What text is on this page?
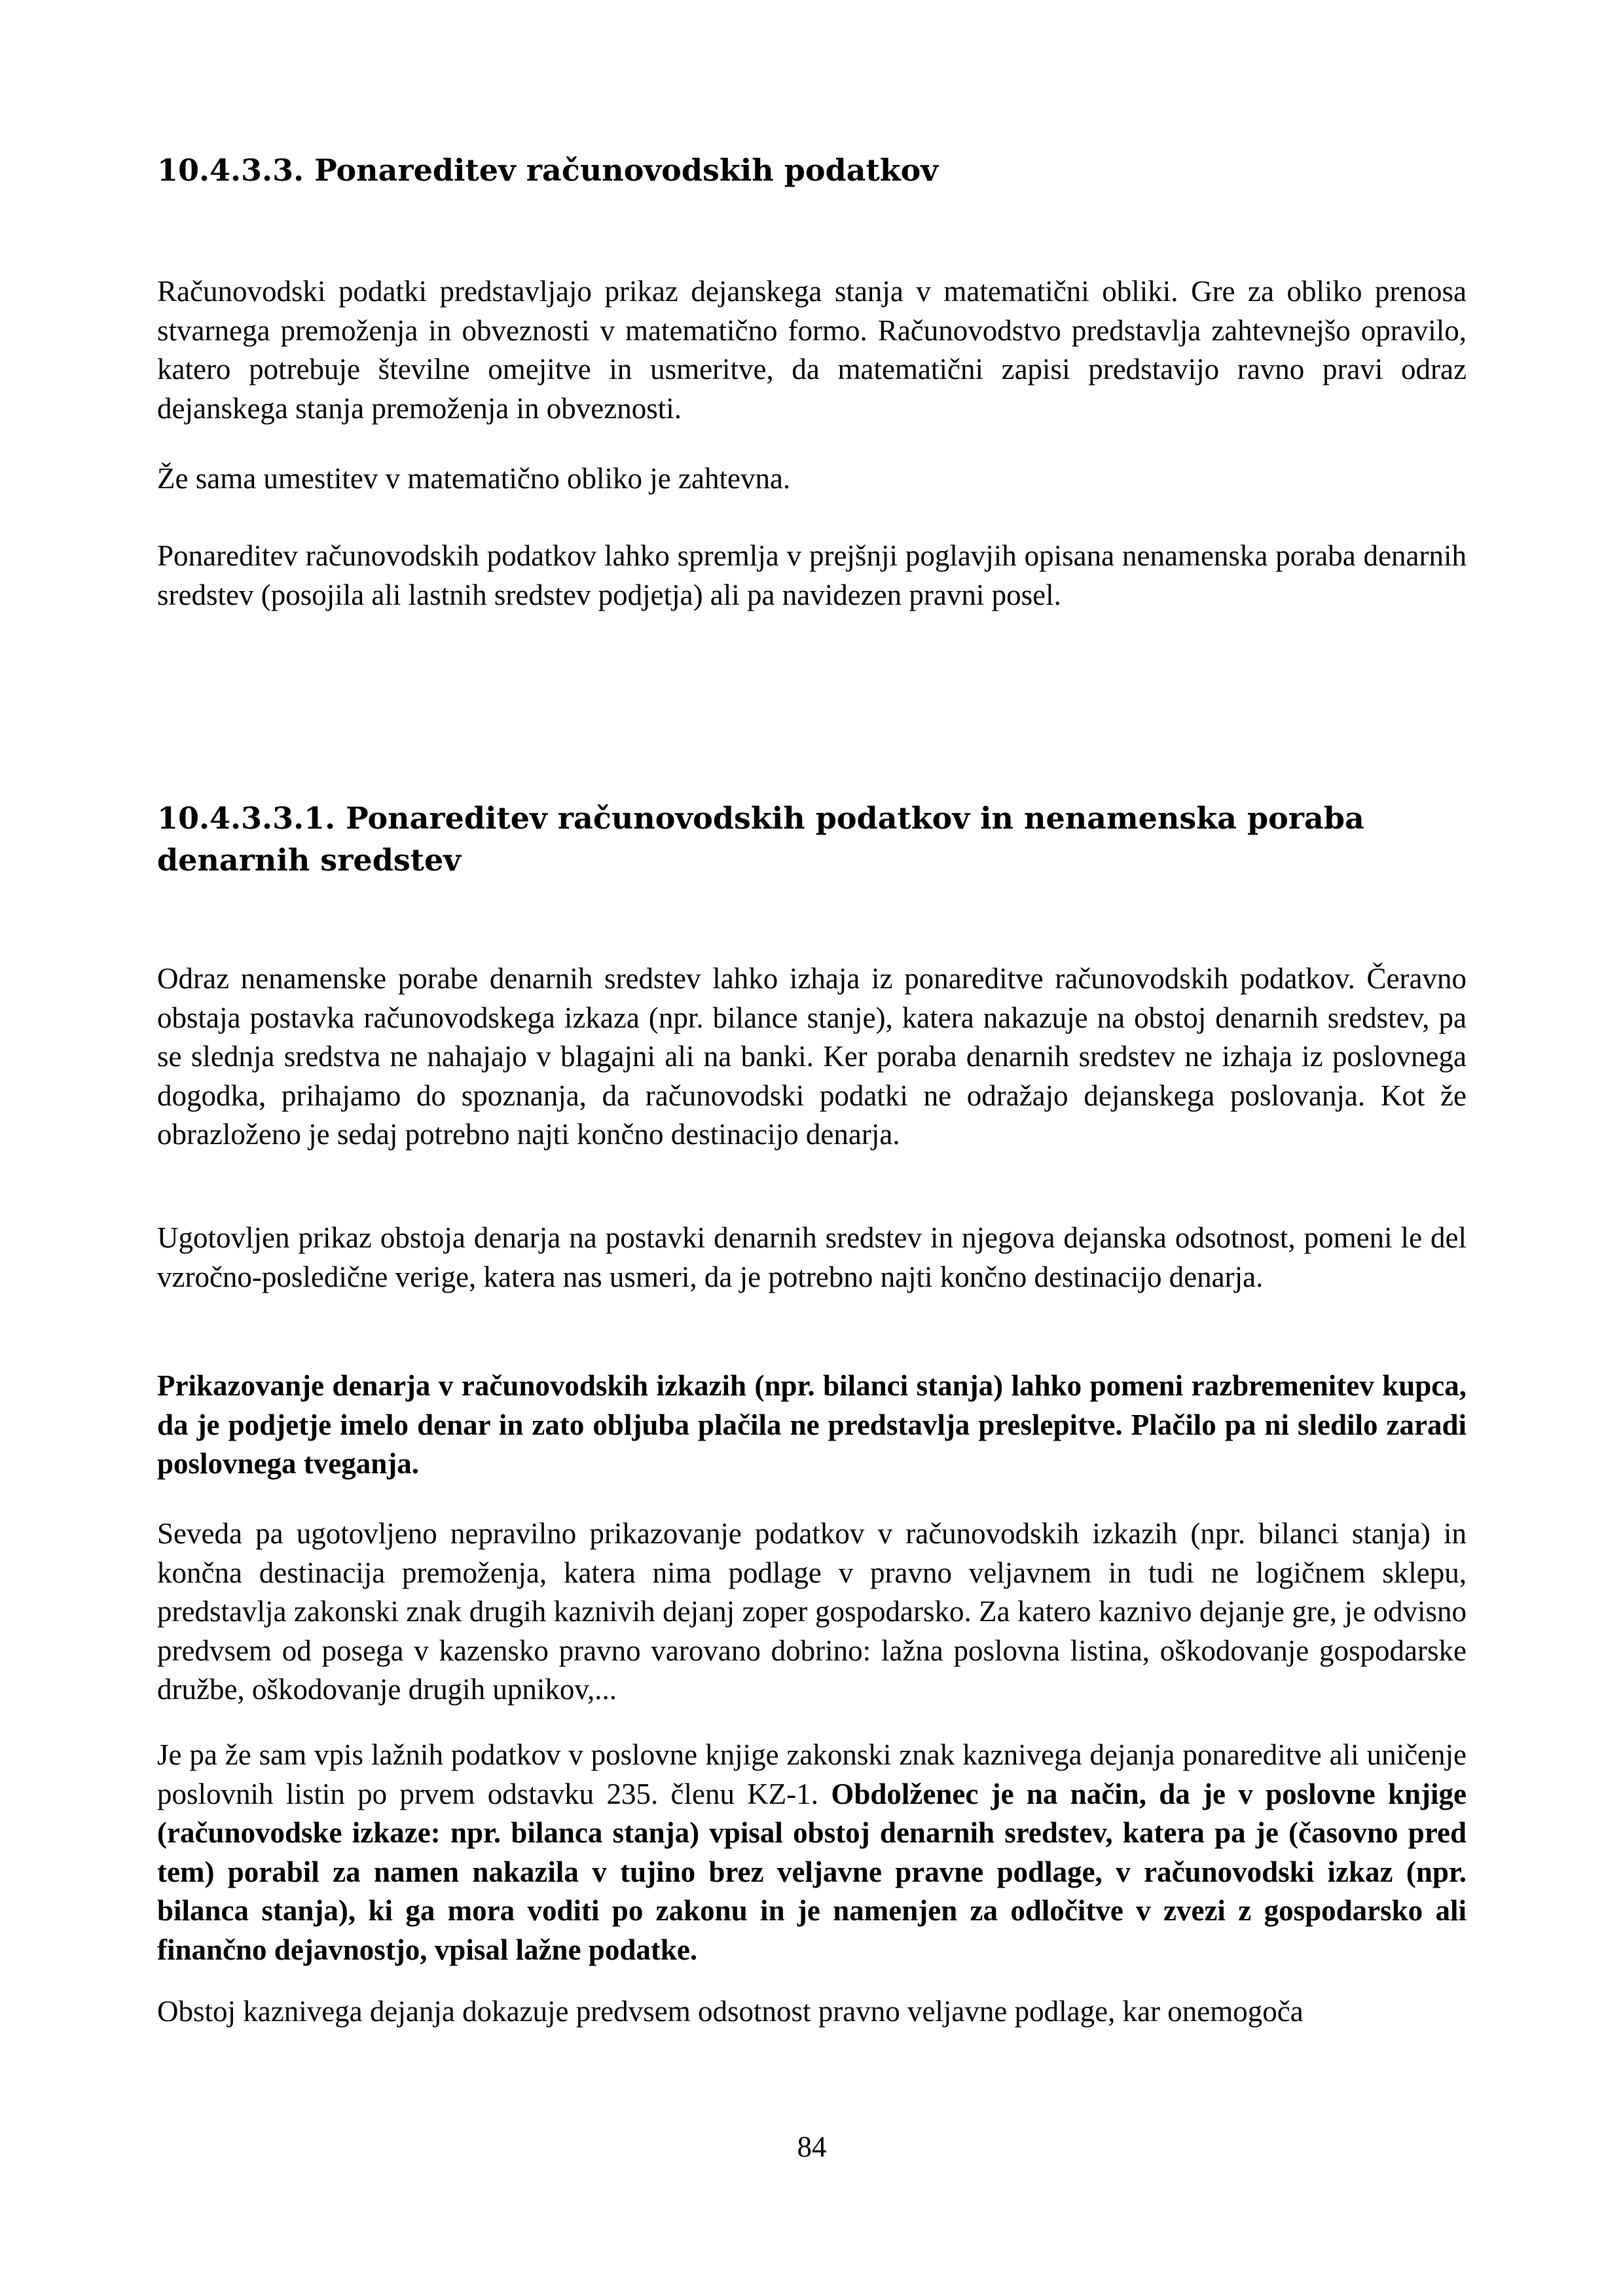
10.4.3.3. Ponareditev računovodskih podatkov

Računovodski podatki predstavljajo prikaz dejanskega stanja v matematični obliki. Gre za obliko prenosa stvarnega premoženja in obveznosti v matematično formo. Računovodstvo predstavlja zahtevnejšo opravilo, katero potrebuje številne omejitve in usmeritve, da matematični zapisi predstavijo ravno pravi odraz dejanskega stanja premoženja in obveznosti.

Že sama umestitev v matematično obliko je zahtevna.

Ponareditev računovodskih podatkov lahko spremlja v prejšnji poglavjih opisana nenamenska poraba denarnih sredstev (posojila ali lastnih sredstev podjetja) ali pa navidezen pravni posel.

10.4.3.3.1. Ponareditev računovodskih podatkov in nenamenska poraba denarnih sredstev

Odraz nenamenske porabe denarnih sredstev lahko izhaja iz ponareditve računovodskih podatkov. Čeravno obstaja postavka računovodskega izkaza (npr. bilance stanje), katera nakazuje na obstoj denarnih sredstev, pa se slednja sredstva ne nahajajo v blagajni ali na banki. Ker poraba denarnih sredstev ne izhaja iz poslovnega dogodka, prihajamo do spoznanja, da računovodski podatki ne odražajo dejanskega poslovanja. Kot že obrazloženo je sedaj potrebno najti končno destinacijo denarja.

Ugotovljen prikaz obstoja denarja na postavki denarnih sredstev in njegova dejanska odsotnost, pomeni le del vzročno-posledične verige, katera nas usmeri, da je potrebno najti končno destinacijo denarja.

Prikazovanje denarja v računovodskih izkazih (npr. bilanci stanja) lahko pomeni razbremenitev kupca, da je podjetje imelo denar in zato obljuba plačila ne predstavlja preslepitve. Plačilo pa ni sledilo zaradi poslovnega tveganja.

Seveda pa ugotovljeno nepravilno prikazovanje podatkov v računovodskih izkazih (npr. bilanci stanja) in končna destinacija premoženja, katera nima podlage v pravno veljavnem in tudi ne logičnem sklepu, predstavlja zakonski znak drugih kaznivih dejanj zoper gospodarsko. Za katero kaznivo dejanje gre, je odvisno predvsem od posega v kazensko pravno varovano dobrino: lažna poslovna listina, oškodovanje gospodarske družbe, oškodovanje drugih upnikov,...

Je pa že sam vpis lažnih podatkov v poslovne knjige zakonski znak kaznivega dejanja ponareditve ali uničenje poslovnih listin po prvem odstavku 235. členu KZ-1. Obdolženec je na način, da je v poslovne knjige (računovodske izkaze: npr. bilanca stanja) vpisal obstoj denarnih sredstev, katera pa je (časovno pred tem) porabil za namen nakazila v tujino brez veljavne pravne podlage, v računovodski izkaz (npr. bilanca stanja), ki ga mora voditi po zakonu in je namenjen za odločitve v zvezi z gospodarsko ali finančno dejavnostjo, vpisal lažne podatke.

Obstoj kaznivega dejanja dokazuje predvsem odsotnost pravno veljavne podlage, kar onemogoča

84
